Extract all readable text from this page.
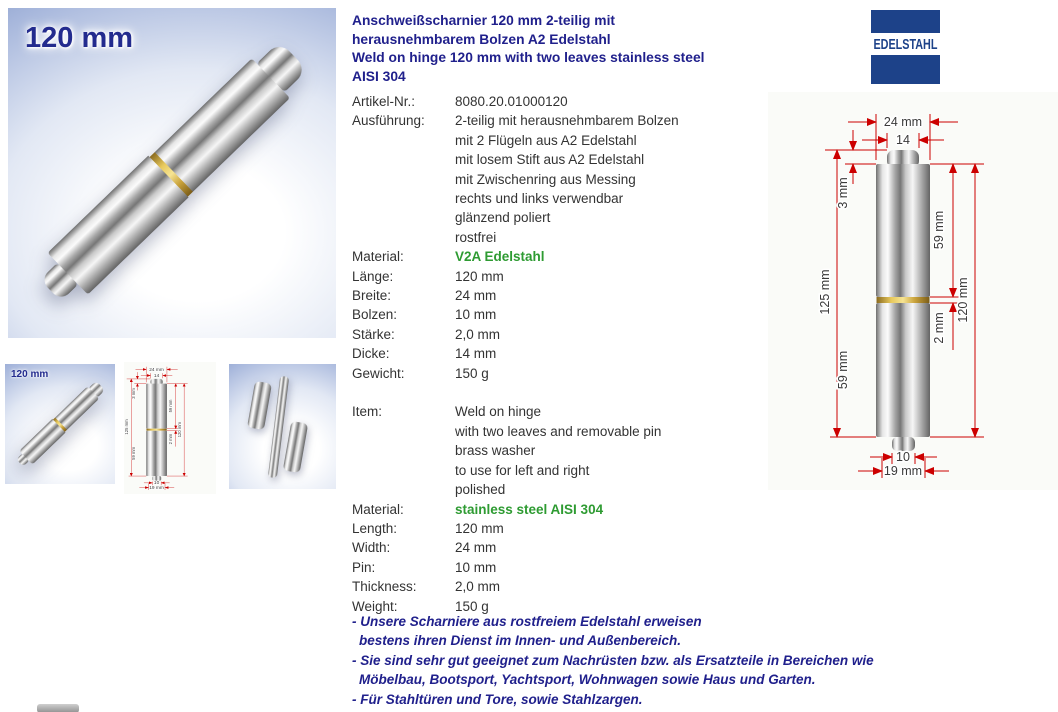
120 mm
120 mm
Anschweißscharnier 120 mm 2-teilig mit
herausnehmbarem Bolzen A2 Edelstahl
Weld on hinge 120 mm with two leaves stainless steel
AISI 304
Artikel-Nr.:	8080.20.01000120
Ausführung:	2-teilig mit herausnehmbarem Bolzen
mit 2 Flügeln aus A2 Edelstahl
mit losem Stift aus A2 Edelstahl
mit Zwischenring aus Messing
rechts und links verwendbar
glänzend poliert
rostfrei
Material:	V2A Edelstahl
Länge:	120 mm
Breite:	24 mm
Bolzen:	10 mm
Stärke:	2,0 mm
Dicke:	14 mm
Gewicht:	150 g
Item:	Weld on hinge
with two leaves and removable pin
brass washer
to use for left and right
polished
Material:	stainless steel AISI 304
Length:	120 mm
Width:	24 mm
Pin:	10 mm
Thickness:	2,0 mm
Weight:	150 g
- Unsere Scharniere aus rostfreiem Edelstahl erweisen
bestens ihren Dienst im Innen- und Außenbereich.
- Sie sind sehr gut geeignet zum Nachrüsten bzw. als Ersatzteile in Bereichen wie
Möbelbau, Bootsport, Yachtsport, Wohnwagen sowie Haus und Garten.
- Für Stahltüren und Tore, sowie Stahlzargen.
EDELSTAHL
24 mm
14
3 mm
59 mm
125 mm
59 mm
2 mm
120 mm
10
19 mm
